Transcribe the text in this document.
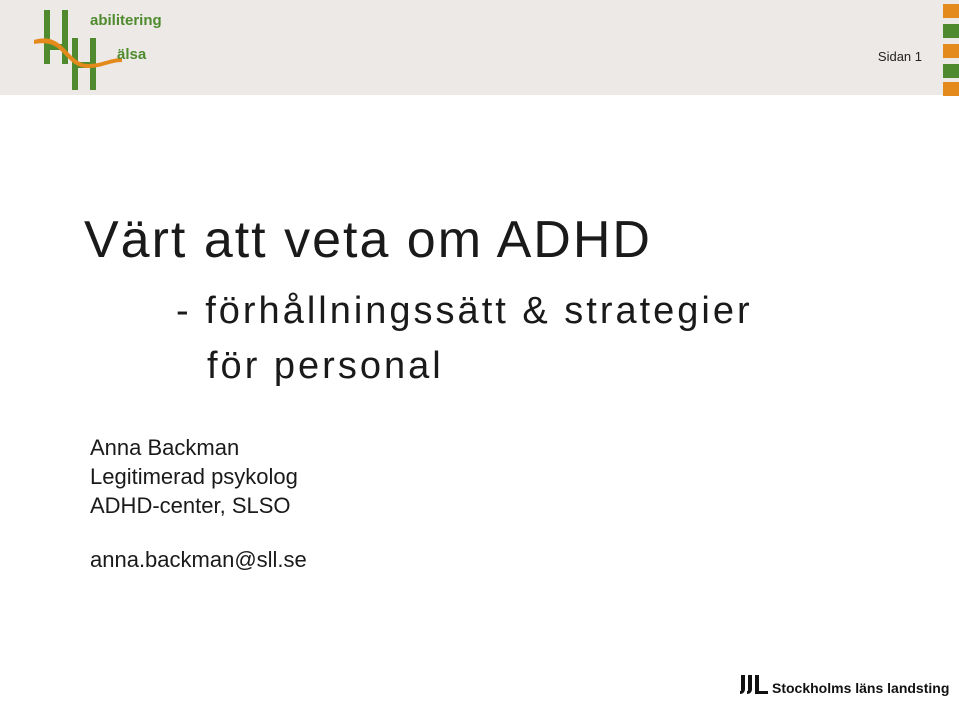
abilitering
älsa	Sidan 1
Värt att veta om ADHD
- förhållningssätt & strategier
för personal
Anna Backman
Legitimerad psykolog
ADHD-center, SLSO
anna.backman@sll.se
Stockholms läns landsting
